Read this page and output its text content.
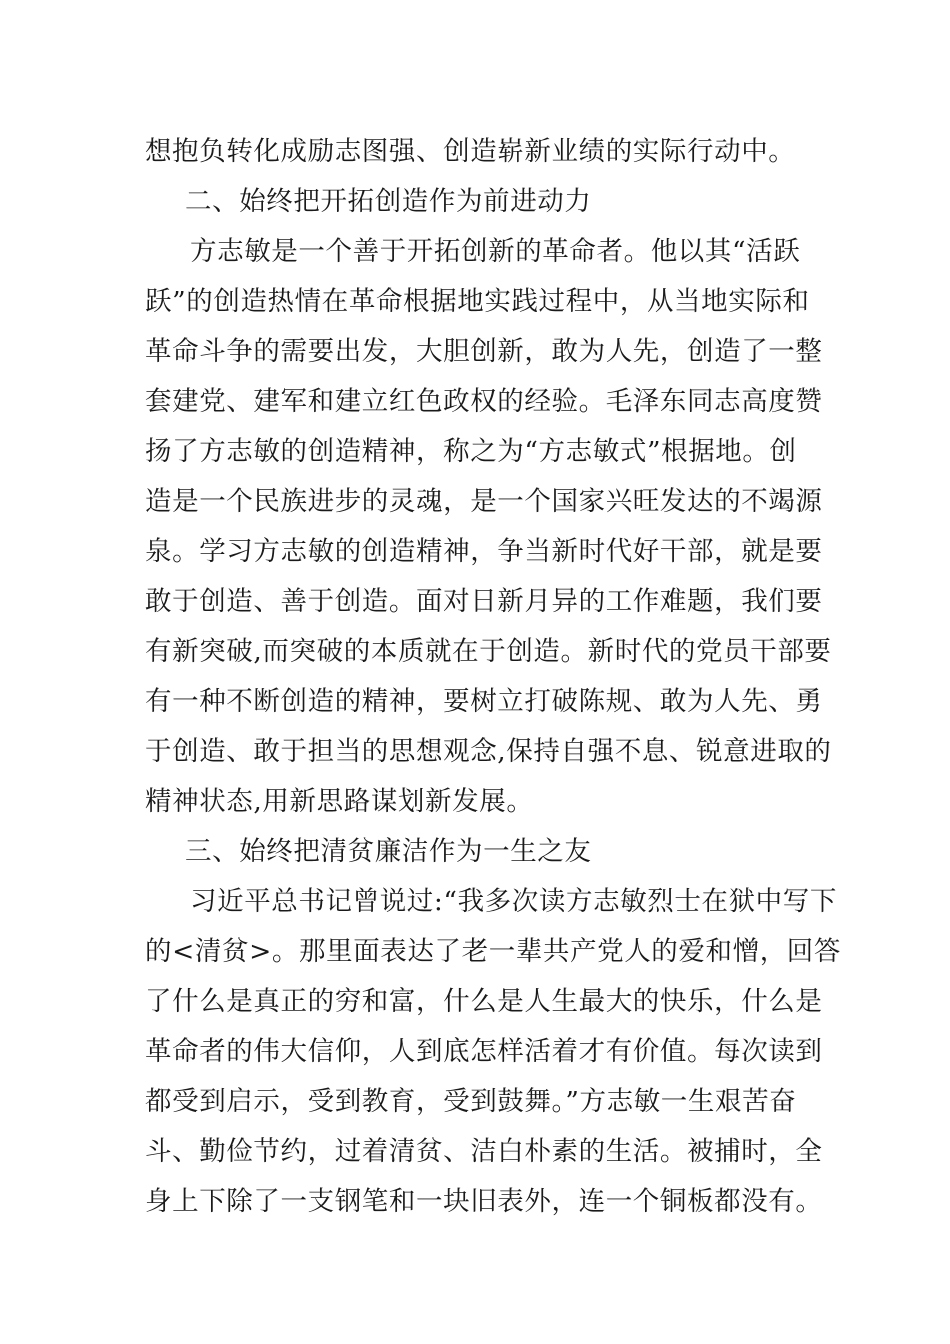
想抱负转化成励志图强、创造崭新业绩的实际行动中。
二、始终把开拓创造作为前进动力
方志敏是一个善于开拓创新的革命者。他以其“活跃
跃”的创造热情在革命根据地实践过程中，从当地实际和
革命斗争的需要出发，大胆创新，敢为人先，创造了一整
套建党、建军和建立红色政权的经验。毛泽东同志高度赞
扬了方志敏的创造精神，称之为“方志敏式”根据地。创
造是一个民族进步的灵魂，是一个国家兴旺发达的不竭源
泉。学习方志敏的创造精神，争当新时代好干部，就是要
敢于创造、善于创造。面对日新月异的工作难题，我们要
有新突破,而突破的本质就在于创造。新时代的党员干部要
有一种不断创造的精神，要树立打破陈规、敢为人先、勇
于创造、敢于担当的思想观念,保持自强不息、锐意进取的
精神状态,用新思路谋划新发展。
三、始终把清贫廉洁作为一生之友
习近平总书记曾说过:“我多次读方志敏烈士在狱中写下
的<清贫>。那里面表达了老一辈共产党人的爱和憎，回答
了什么是真正的穷和富，什么是人生最大的快乐，什么是
革命者的伟大信仰，人到底怎样活着才有价值。每次读到
都受到启示，受到教育，受到鼓舞。”方志敏一生艰苦奋
斗、勤俭节约，过着清贫、洁白朴素的生活。被捕时，全
身上下除了一支钢笔和一块旧表外，连一个铜板都没有。
